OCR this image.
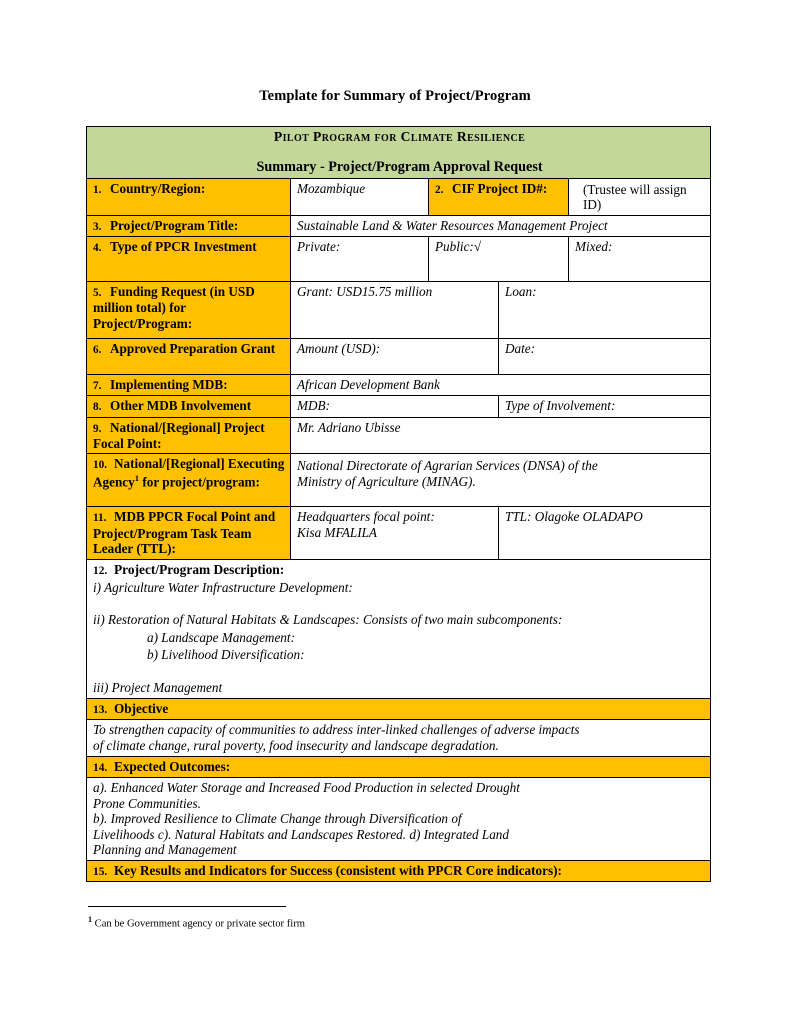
Template for Summary of Project/Program
Pilot Program for Climate Resilience
Summary - Project/Program Approval Request				

1. Country/Region:	Mozambique	2. CIF Project ID#:		(Trustee will assign ID)
3. Project/Program Title:	Sustainable Land & Water Resources Management Project			
4. Type of PPCR Investment	Private:	Public:√		Mixed:
5. Funding Request (in USD million total) for Project/Program:	Grant: USD15.75 million		Loan:	
6. Approved Preparation Grant	Amount (USD):		Date:	
7. Implementing MDB:	African Development Bank			
8. Other MDB Involvement	MDB:		Type of Involvement:	
9. National/[Regional] Project Focal Point:	Mr. Adriano Ubisse			
10. National/[Regional] Executing Agency$^1$ for project/program:	National Directorate of Agrarian Services (DNSA) of the

Ministry of Agriculture (MINAG).			

11. MDB PPCR Focal Point and Project/Program Task Team Leader (TTL):	Headquarters focal point:

Kisa MFALILA		TTL: Olagoke OLADAPO	

12. Project/Program Description:

i) Agriculture Water Infrastructure Development:

ii) Restoration of Natural Habitats & Landscapes: Consists of two main subcomponents:

a) Landscape Management:

b) Livelihood Diversification:

iii) Project Management

13. Objective				

To strengthen capacity of communities to address inter-linked challenges of adverse impacts

of climate change, rural poverty, food insecurity and landscape degradation.				

14. Expected Outcomes:				

a). Enhanced Water Storage and Increased Food Production in selected Drought

Prone Communities.

b). Improved Resilience to Climate Change through Diversification of

Livelihoods c). Natural Habitats and Landscapes Restored. d) Integrated Land

Planning and Management				

15. Key Results and Indicators for Success (consistent with PPCR Core indicators):				
$^1$ Can be Government agency or private sector firm
